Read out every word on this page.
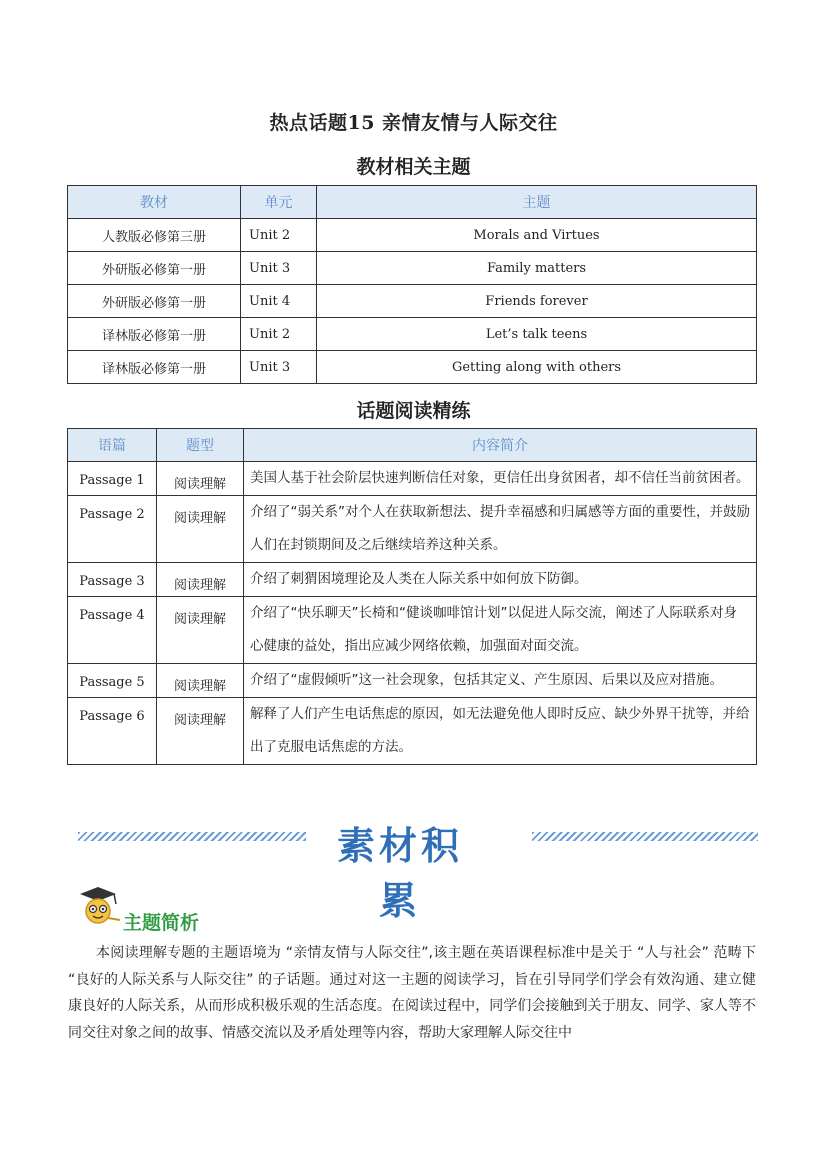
热点话题15 亲情友情与人际交往
教材相关主题
教材	单元	主题
人教版必修第三册	Unit 2	Morals and Virtues
外研版必修第一册	Unit 3	Family matters
外研版必修第一册	Unit 4	Friends forever
译林版必修第一册	Unit 2	Let’s talk teens
译林版必修第一册	Unit 3	Getting along with others
话题阅读精练
语篇	题型	内容简介
Passage 1	阅读理解	美国人基于社会阶层快速判断信任对象，更信任出身贫困者，却不信任当前贫困者。
Passage 2	阅读理解	介绍了“弱关系”对个人在获取新想法、提升幸福感和归属感等方面的重要性，并鼓励人们在封锁期间及之后继续培养这种关系。
Passage 3	阅读理解	介绍了刺猬困境理论及人类在人际关系中如何放下防御。
Passage 4	阅读理解	介绍了“快乐聊天”长椅和“健谈咖啡馆计划”以促进人际交流，阐述了人际联系对身心健康的益处，指出应减少网络依赖，加强面对面交流。
Passage 5	阅读理解	介绍了“虚假倾听”这一社会现象，包括其定义、产生原因、后果以及应对措施。
Passage 6	阅读理解	解释了人们产生电话焦虑的原因，如无法避免他人即时反应、缺少外界干扰等，并给出了克服电话焦虑的方法。
素材积累
主题简析
本阅读理解专题的主题语境为 “亲情友情与人际交往”,该主题在英语课程标准中是关于 “人与社会” 范畴下 “良好的人际关系与人际交往” 的子话题。通过对这一主题的阅读学习，旨在引导同学们学会有效沟通、建立健康良好的人际关系，从而形成积极乐观的生活态度。在阅读过程中，同学们会接触到关于朋友、同学、家人等不同交往对象之间的故事、情感交流以及矛盾处理等内容，帮助大家理解人际交往中
